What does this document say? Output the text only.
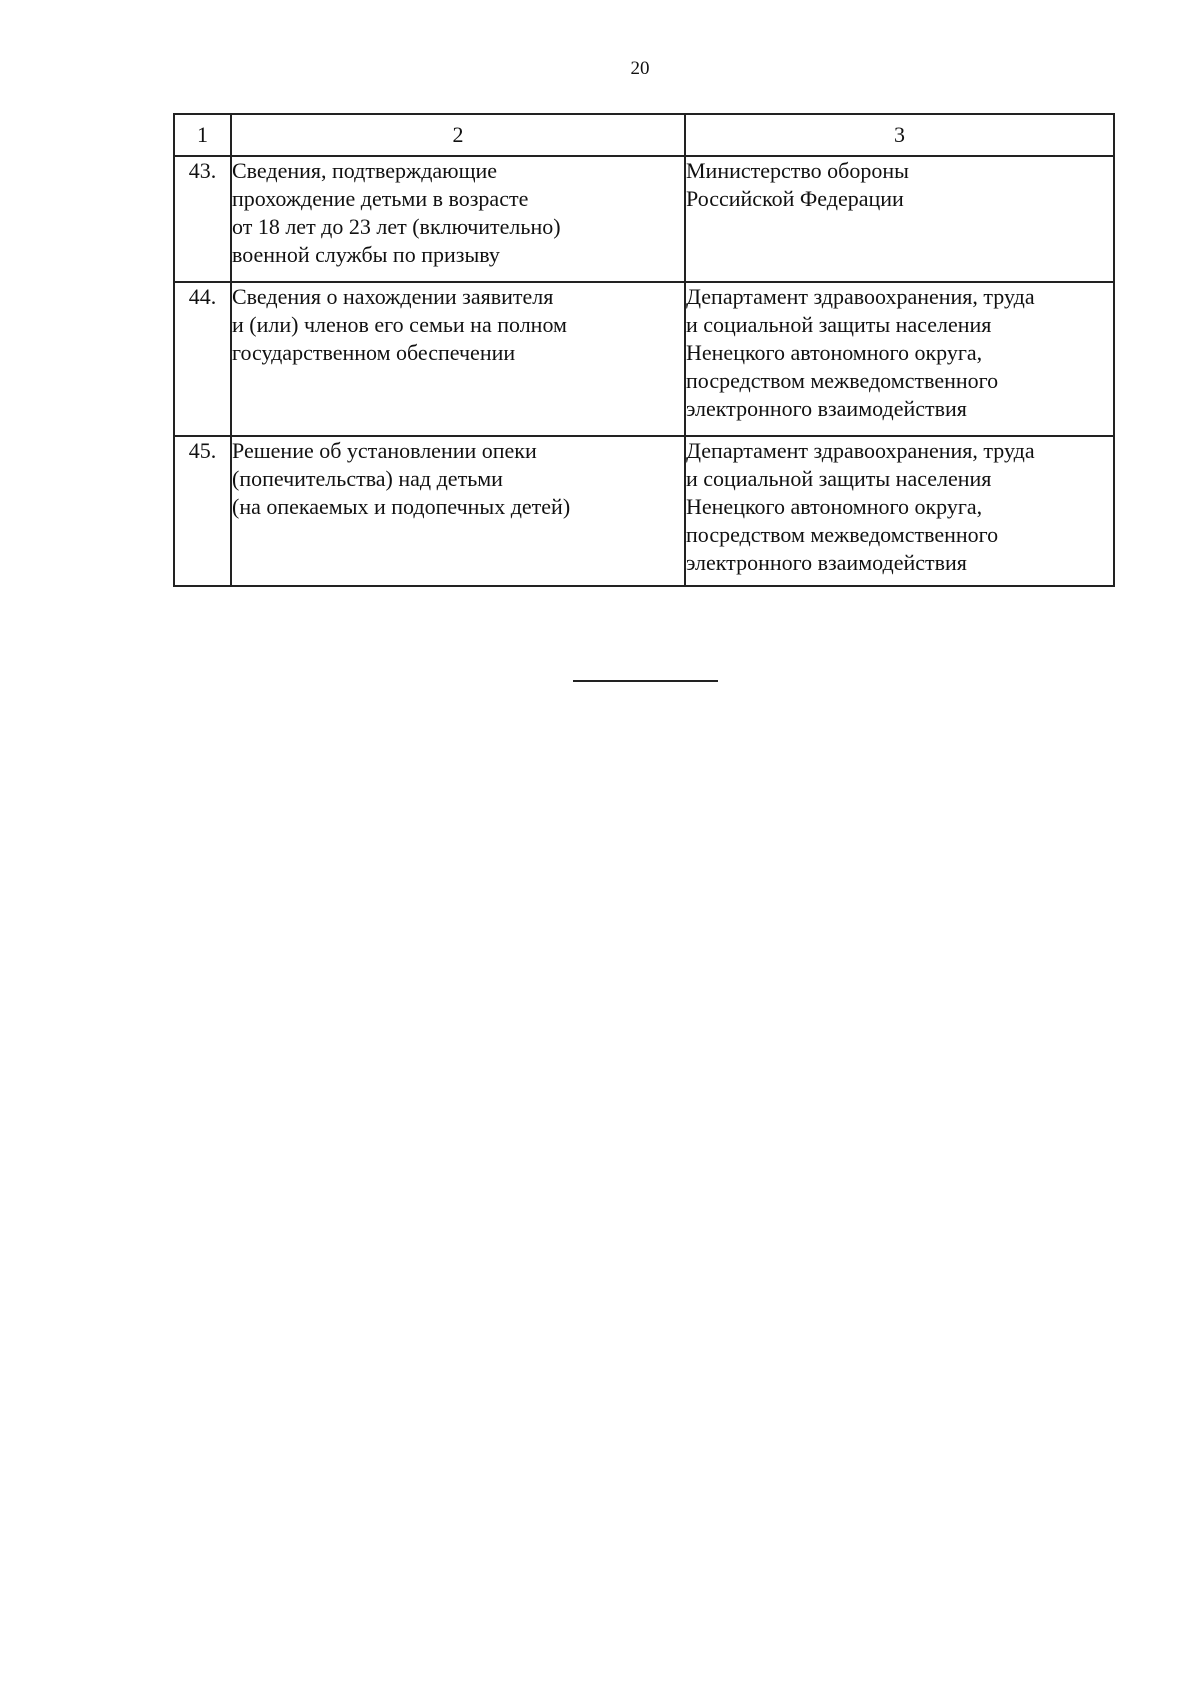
20
1	2	3
43.	Сведения, подтверждающие
прохождение детьми в возрасте
от 18 лет до 23 лет (включительно)
военной службы по призыву	Министерство обороны
Российской Федерации
44.	Сведения о нахождении заявителя
и (или) членов его семьи на полном
государственном обеспечении	Департамент здравоохранения, труда
и социальной защиты населения
Ненецкого автономного округа,
посредством межведомственного
электронного взаимодействия
45.	Решение об установлении опеки
(попечительства) над детьми
(на опекаемых и подопечных детей)	Департамент здравоохранения, труда
и социальной защиты населения
Ненецкого автономного округа,
посредством межведомственного
электронного взаимодействия
